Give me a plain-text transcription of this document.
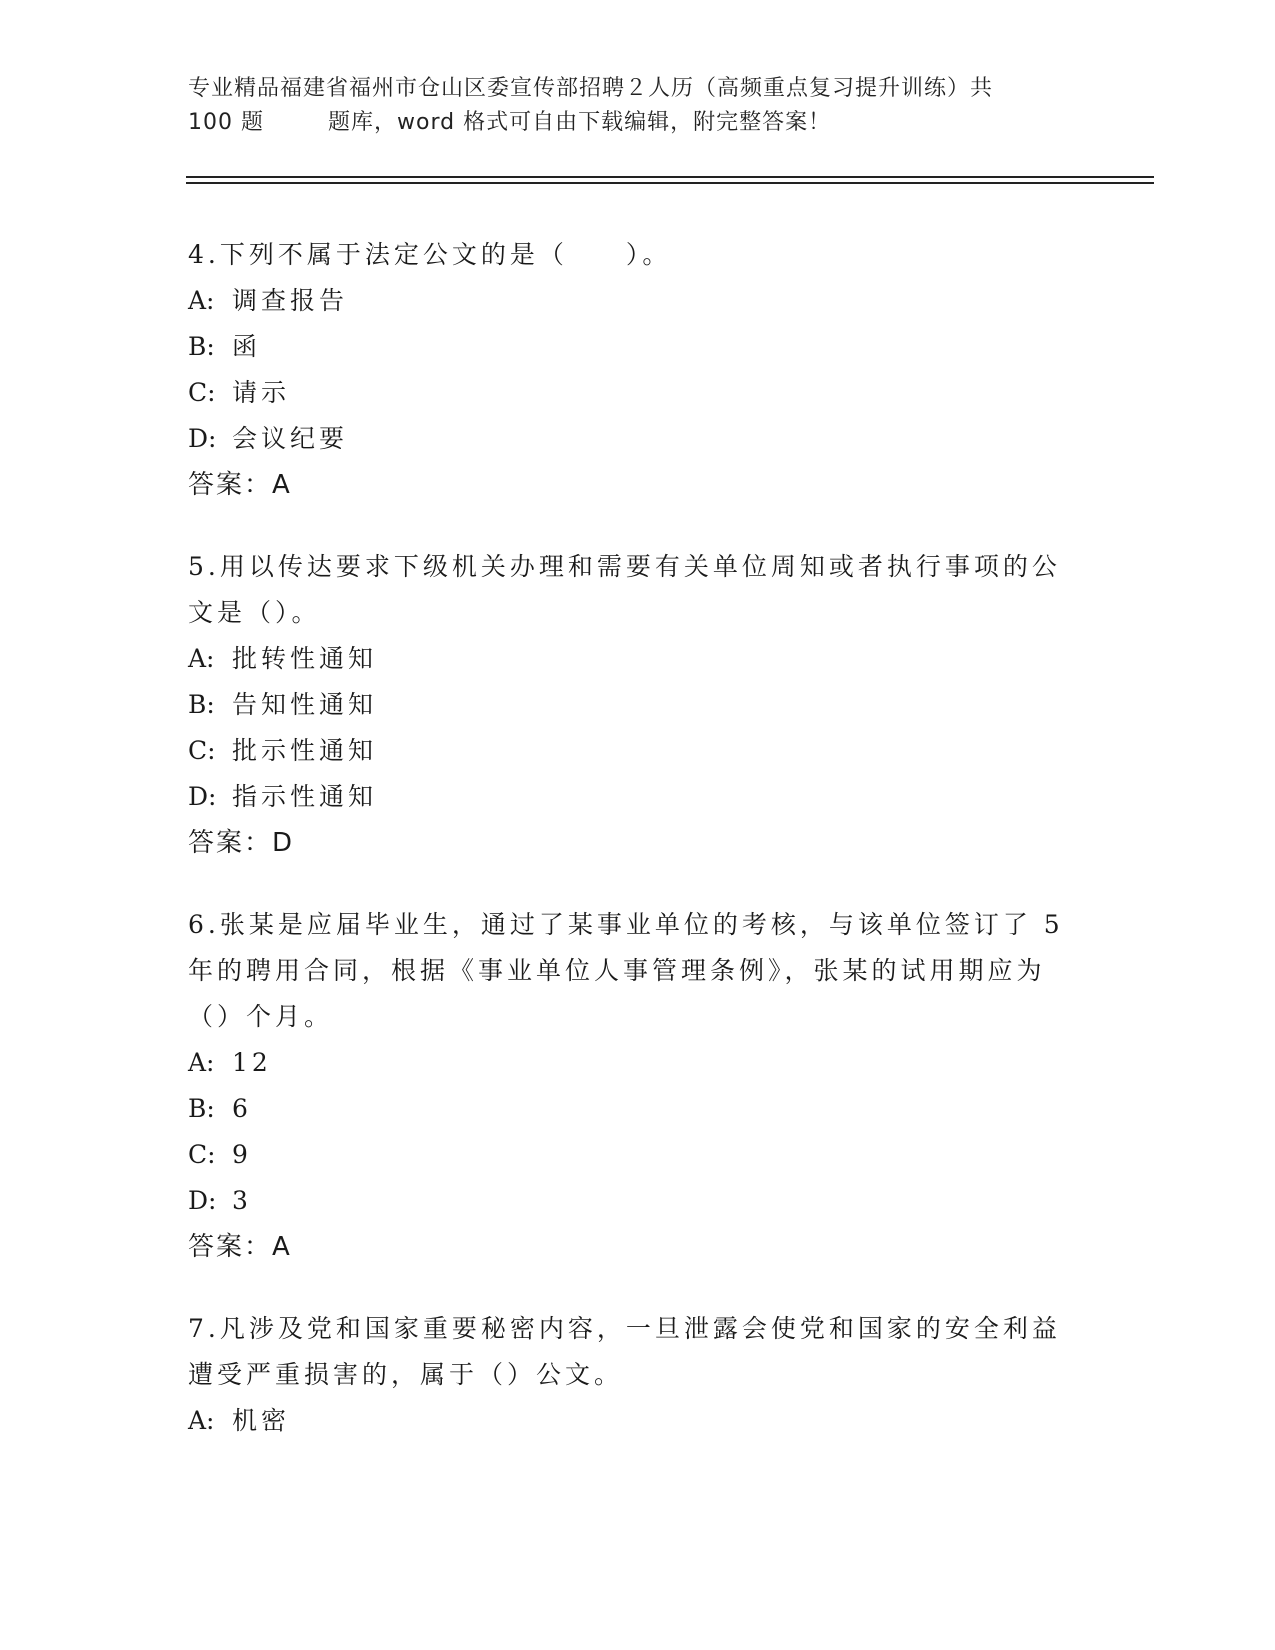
专业精品福建省福州市仓山区委宣传部招聘２人历（高频重点复习提升训练）共
100 题	题库，word 格式可自由下载编辑，附完整答案！

4.下列不属于法定公文的是（　　）。

A: 调查报告
B: 函
C: 请示
D: 会议纪要
答案：A

5.用以传达要求下级机关办理和需要有关单位周知或者执行事项的公文是（）。

A: 批转性通知
B: 告知性通知
C: 批示性通知
D: 指示性通知
答案：D

6.张某是应届毕业生，通过了某事业单位的考核，与该单位签订了 5 年的聘用合同，根据《事业单位人事管理条例》，张某的试用期应为（）个月。

A: 12
B: 6
C: 9
D: 3
答案：A

7.凡涉及党和国家重要秘密内容，一旦泄露会使党和国家的安全利益遭受严重损害的，属于（）公文。

A: 机密
